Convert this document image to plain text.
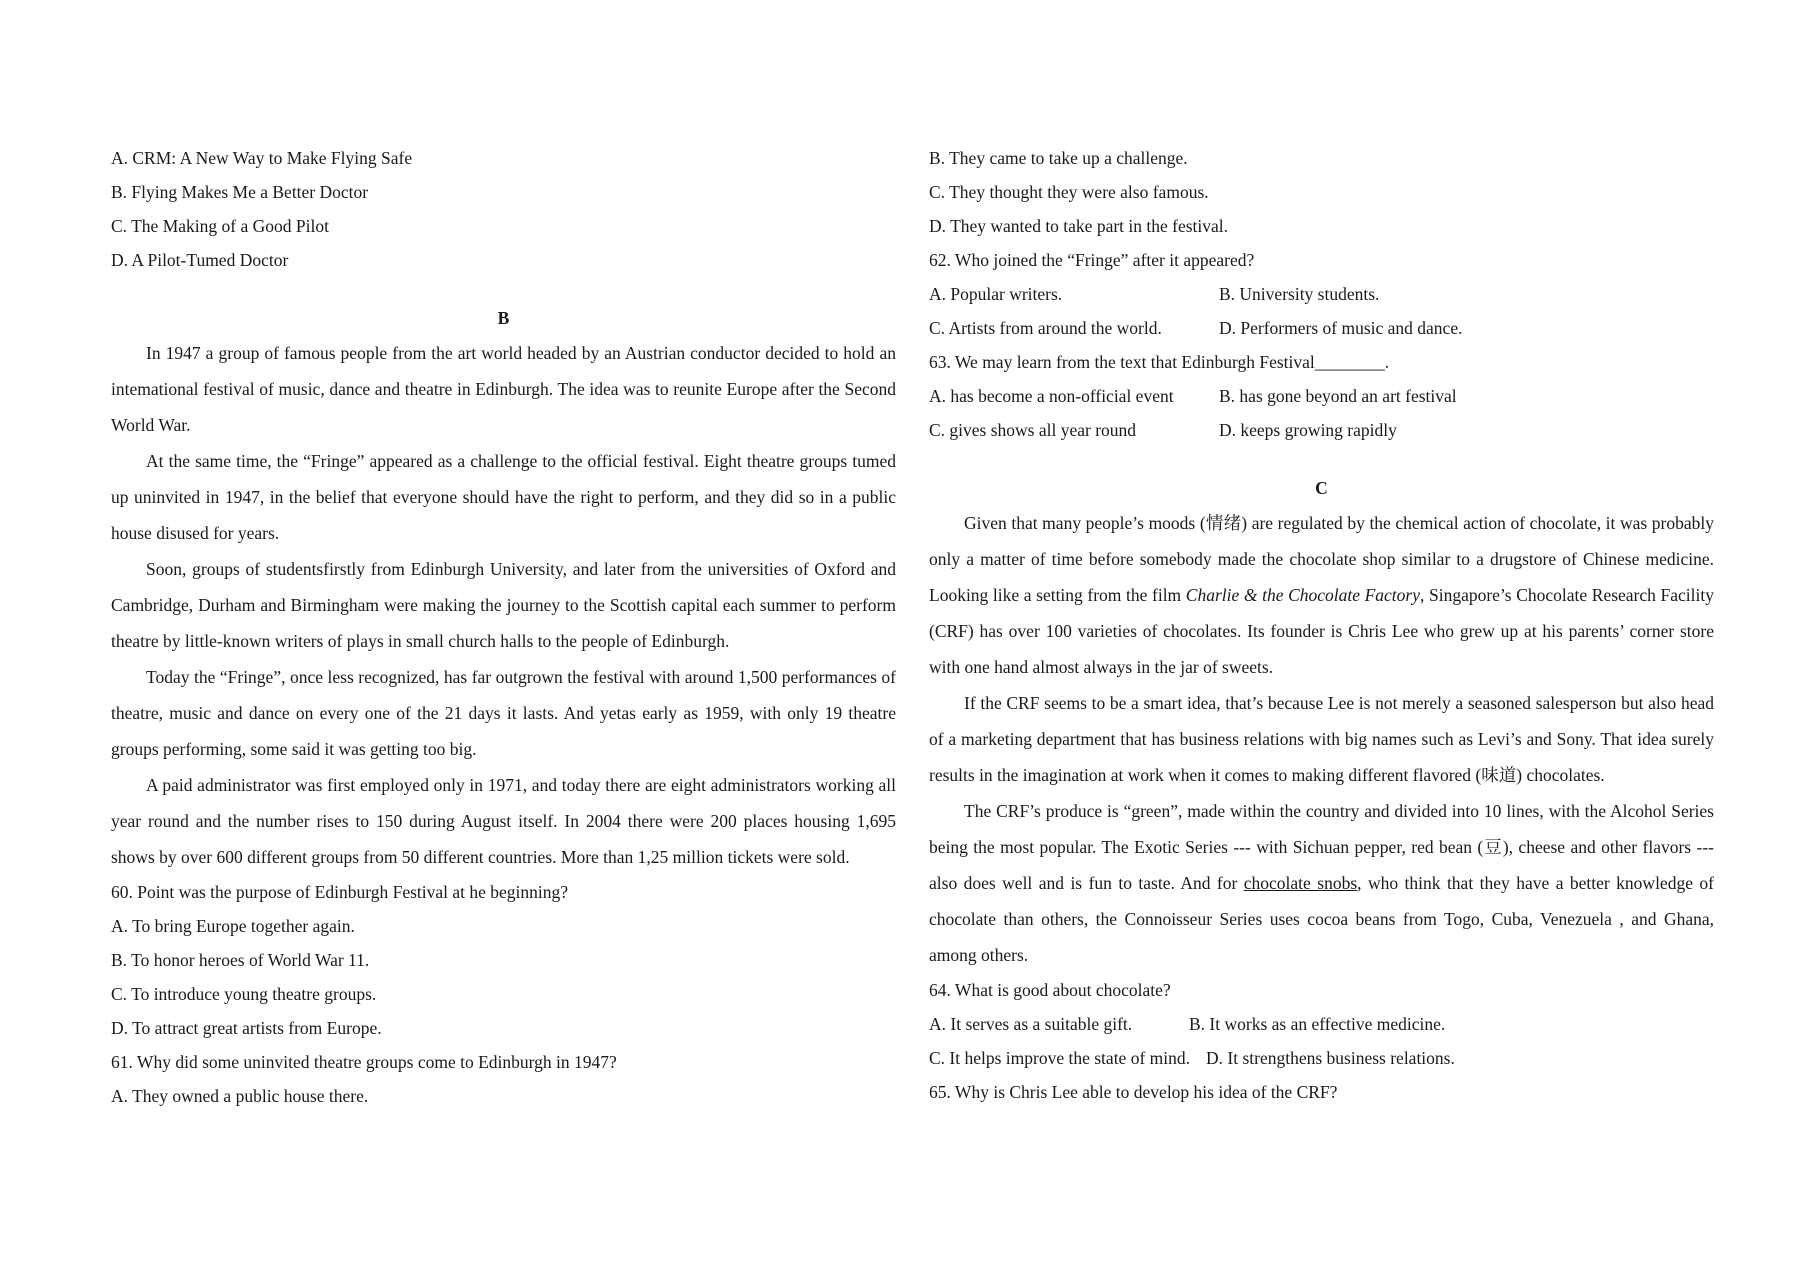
A. CRM: A New Way to Make Flying Safe
B. Flying Makes Me a Better Doctor
C. The Making of a Good Pilot
D. A Pilot-Tumed Doctor
B

In 1947 a group of famous people from the art world headed by an Austrian conductor decided to hold an intemational festival of music, dance and theatre in Edinburgh. The idea was to reunite Europe after the Second World War.

At the same time, the “Fringe” appeared as a challenge to the official festival. Eight theatre groups tumed up uninvited in 1947, in the belief that everyone should have the right to perform, and they did so in a public house disused for years.

Soon, groups of studentsfirstly from Edinburgh University, and later from the universities of Oxford and Cambridge, Durham and Birmingham were making the journey to the Scottish capital each summer to perform theatre by little-known writers of plays in small church halls to the people of Edinburgh.

Today the “Fringe”, once less recognized, has far outgrown the festival with around 1,500 performances of theatre, music and dance on every one of the 21 days it lasts. And yetas early as 1959, with only 19 theatre groups performing, some said it was getting too big.

A paid administrator was first employed only in 1971, and today there are eight administrators working all year round and the number rises to 150 during August itself. In 2004 there were 200 places housing 1,695 shows by over 600 different groups from 50 different countries. More than 1,25 million tickets were sold.

60. Point was the purpose of Edinburgh Festival at he beginning?
A. To bring Europe together again.
B. To honor heroes of World War 11.
C. To introduce young theatre groups.
D. To attract great artists from Europe.
61. Why did some uninvited theatre groups come to Edinburgh in 1947?
A. They owned a public house there.
B. They came to take up a challenge.
C. They thought they were also famous.
D. They wanted to take part in the festival.
62. Who joined the “Fringe” after it appeared?
A. Popular writers.	B. University students.
C. Artists from around the world.	D. Performers of music and dance.
63. We may learn from the text that Edinburgh Festival________.
A. has become a non-official event	B. has gone beyond an art festival
C. gives shows all year round	D. keeps growing rapidly
C

Given that many people’s moods (情绪) are regulated by the chemical action of chocolate, it was probably only a matter of time before somebody made the chocolate shop similar to a drugstore of Chinese medicine. Looking like a setting from the film Charlie & the Chocolate Factory, Singapore’s Chocolate Research Facility (CRF) has over 100 varieties of chocolates. Its founder is Chris Lee who grew up at his parents’ corner store with one hand almost always in the jar of sweets.

If the CRF seems to be a smart idea, that’s because Lee is not merely a seasoned salesperson but also head of a marketing department that has business relations with big names such as Levi’s and Sony. That idea surely results in the imagination at work when it comes to making different flavored (味道) chocolates.

The CRF’s produce is “green”, made within the country and divided into 10 lines, with the Alcohol Series being the most popular. The Exotic Series --- with Sichuan pepper, red bean (豆), cheese and other flavors --- also does well and is fun to taste. And for chocolate snobs, who think that they have a better knowledge of chocolate than others, the Connoisseur Series uses cocoa beans from Togo, Cuba, Venezuela , and Ghana, among others.

64. What is good about chocolate?
A. It serves as a suitable gift.	B. It works as an effective medicine.
C. It helps improve the state of mind. D. It strengthens business relations.
65. Why is Chris Lee able to develop his idea of the CRF?
